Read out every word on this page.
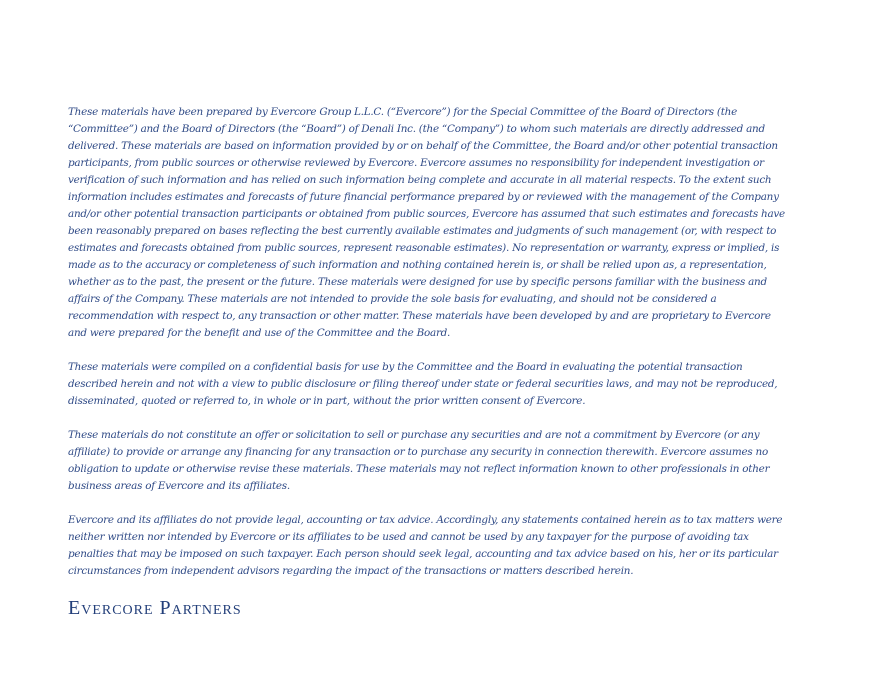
These materials have been prepared by Evercore Group L.L.C. (“Evercore”) for the Special Committee of the Board of Directors (the “Committee”) and the Board of Directors (the “Board”) of Denali Inc. (the “Company”) to whom such materials are directly addressed and delivered. These materials are based on information provided by or on behalf of the Committee, the Board and/or other potential transaction participants, from public sources or otherwise reviewed by Evercore. Evercore assumes no responsibility for independent investigation or verification of such information and has relied on such information being complete and accurate in all material respects. To the extent such information includes estimates and forecasts of future financial performance prepared by or reviewed with the management of the Company and/or other potential transaction participants or obtained from public sources, Evercore has assumed that such estimates and forecasts have been reasonably prepared on bases reflecting the best currently available estimates and judgments of such management (or, with respect to estimates and forecasts obtained from public sources, represent reasonable estimates). No representation or warranty, express or implied, is made as to the accuracy or completeness of such information and nothing contained herein is, or shall be relied upon as, a representation, whether as to the past, the present or the future. These materials were designed for use by specific persons familiar with the business and affairs of the Company. These materials are not intended to provide the sole basis for evaluating, and should not be considered a recommendation with respect to, any transaction or other matter. These materials have been developed by and are proprietary to Evercore and were prepared for the benefit and use of the Committee and the Board.

These materials were compiled on a confidential basis for use by the Committee and the Board in evaluating the potential transaction described herein and not with a view to public disclosure or filing thereof under state or federal securities laws, and may not be reproduced, disseminated, quoted or referred to, in whole or in part, without the prior written consent of Evercore.

These materials do not constitute an offer or solicitation to sell or purchase any securities and are not a commitment by Evercore (or any affiliate) to provide or arrange any financing for any transaction or to purchase any security in connection therewith. Evercore assumes no obligation to update or otherwise revise these materials. These materials may not reflect information known to other professionals in other business areas of Evercore and its affiliates.

Evercore and its affiliates do not provide legal, accounting or tax advice. Accordingly, any statements contained herein as to tax matters were neither written nor intended by Evercore or its affiliates to be used and cannot be used by any taxpayer for the purpose of avoiding tax penalties that may be imposed on such taxpayer. Each person should seek legal, accounting and tax advice based on his, her or its particular circumstances from independent advisors regarding the impact of the transactions or matters described herein.

Evercore Partners
